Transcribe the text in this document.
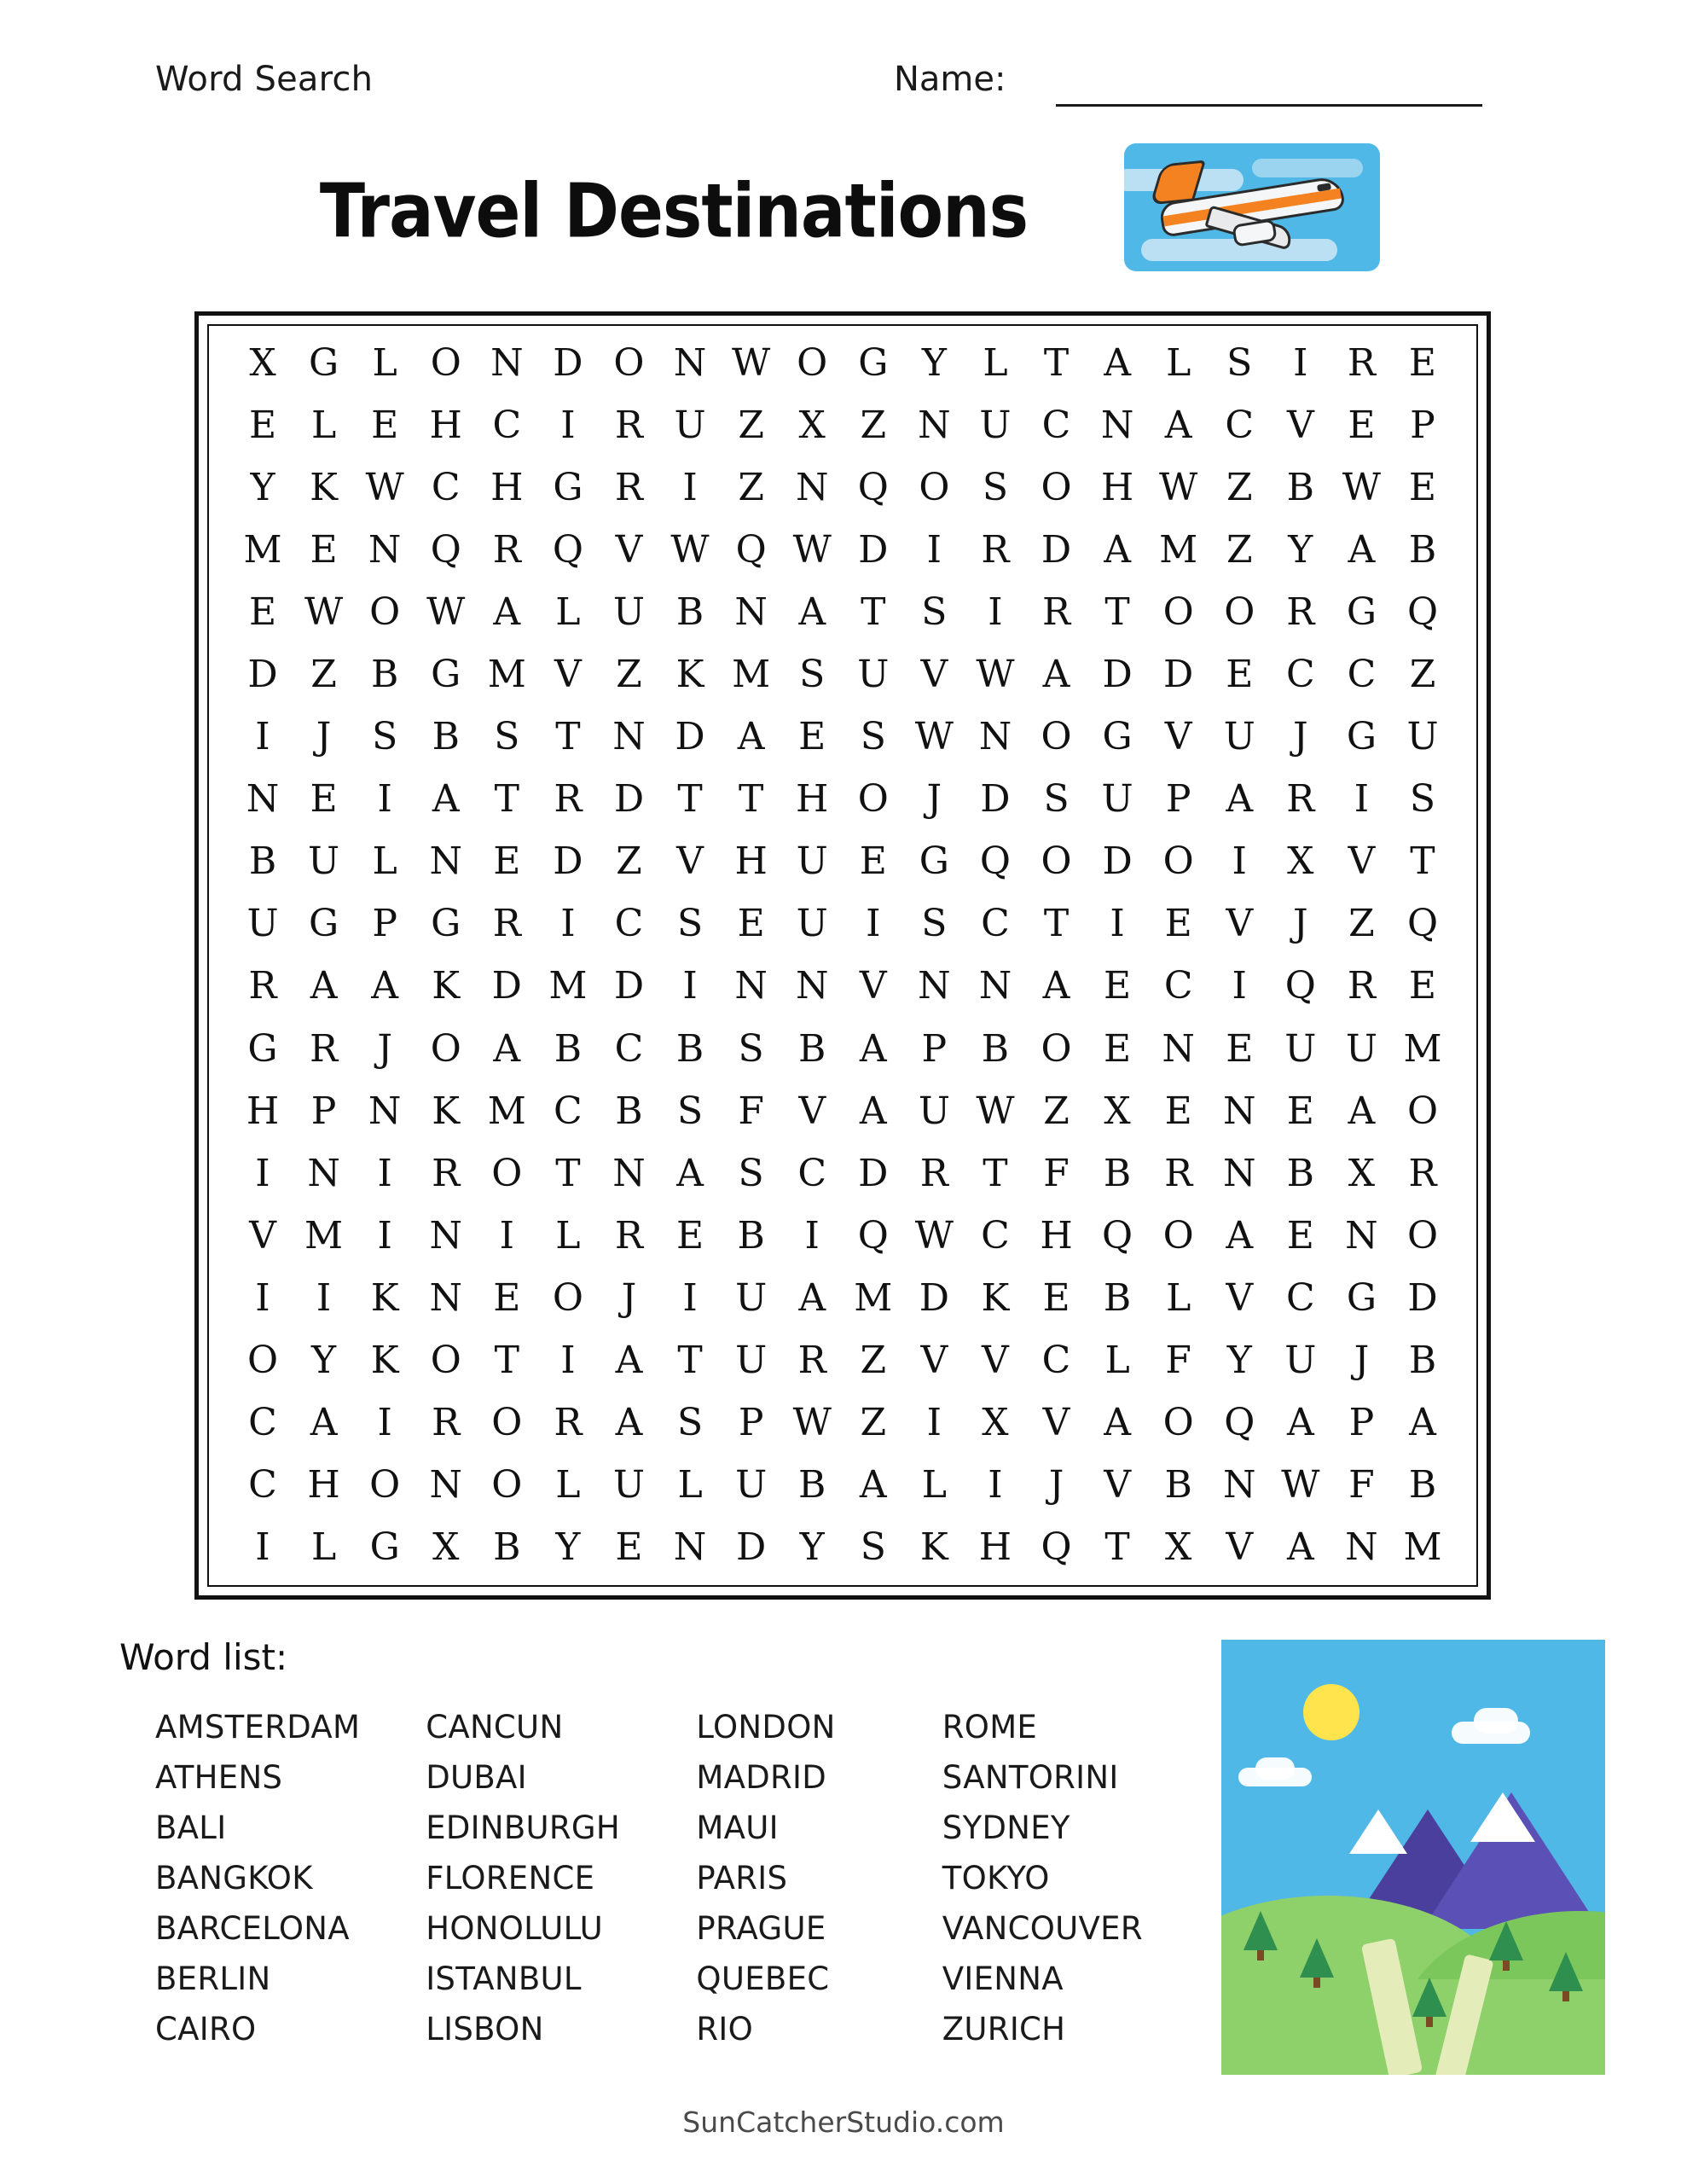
Word Search	Name:
Travel Destinations
X G L O N D O N W O G Y L T A L S	I	R E
E L E H C	I	R U Z X Z N U C N A C V E P
Y K W C H G R	I	Z N Q O S O H W Z B W E
M E N Q R Q V W Q W D	I	R D A M Z Y A B
E W O W A L U B N A T S	I	R T O O R G Q
D Z B G M V Z K M S U V W A D D E C C Z
I	J	S B S T N D A E S W N O G V U	J	G U
N E	I	A T R D T T H O	J	D S U P A R	I	S
B U L N E D Z V H U E G Q O D O	I	X V T
U G P G R	I	C S E U	I	S C T	I	E V	J	Z Q
R A A K D M D	I N N V N N A E C	I	Q R E
G R	J	O A B C B S B A P B O E N E U U M
H P N K M C B S F V A U W Z X E N E A O
I N I	R O T N A S C D R T F B R N B X R
V M I N I	L R E B	I	Q W C H Q O A E N O
I	I	K N E O	J	I	U A M D K E B L V C G D
O Y K O T	I	A T U R Z V V C L F Y U	J	B
C A	I	R O R A S P W Z	I	X V A O Q A P A
C H O N O L U L U B A L	I	J	V B N W F B
I	L G X B Y E N D Y S K H Q T X V A N M
Word list:
AMSTERDAM
ATHENS
BALI
BANGKOK
BARCELONA
BERLIN
CAIRO
CANCUN
DUBAI
EDINBURGH
FLORENCE
HONOLULU
ISTANBUL
LISBON
LONDON
MADRID
MAUI
PARIS
PRAGUE
QUEBEC
RIO
ROME
SANTORINI
SYDNEY
TOKYO
VANCOUVER
VIENNA
ZURICH
SunCatcherStudio.com
